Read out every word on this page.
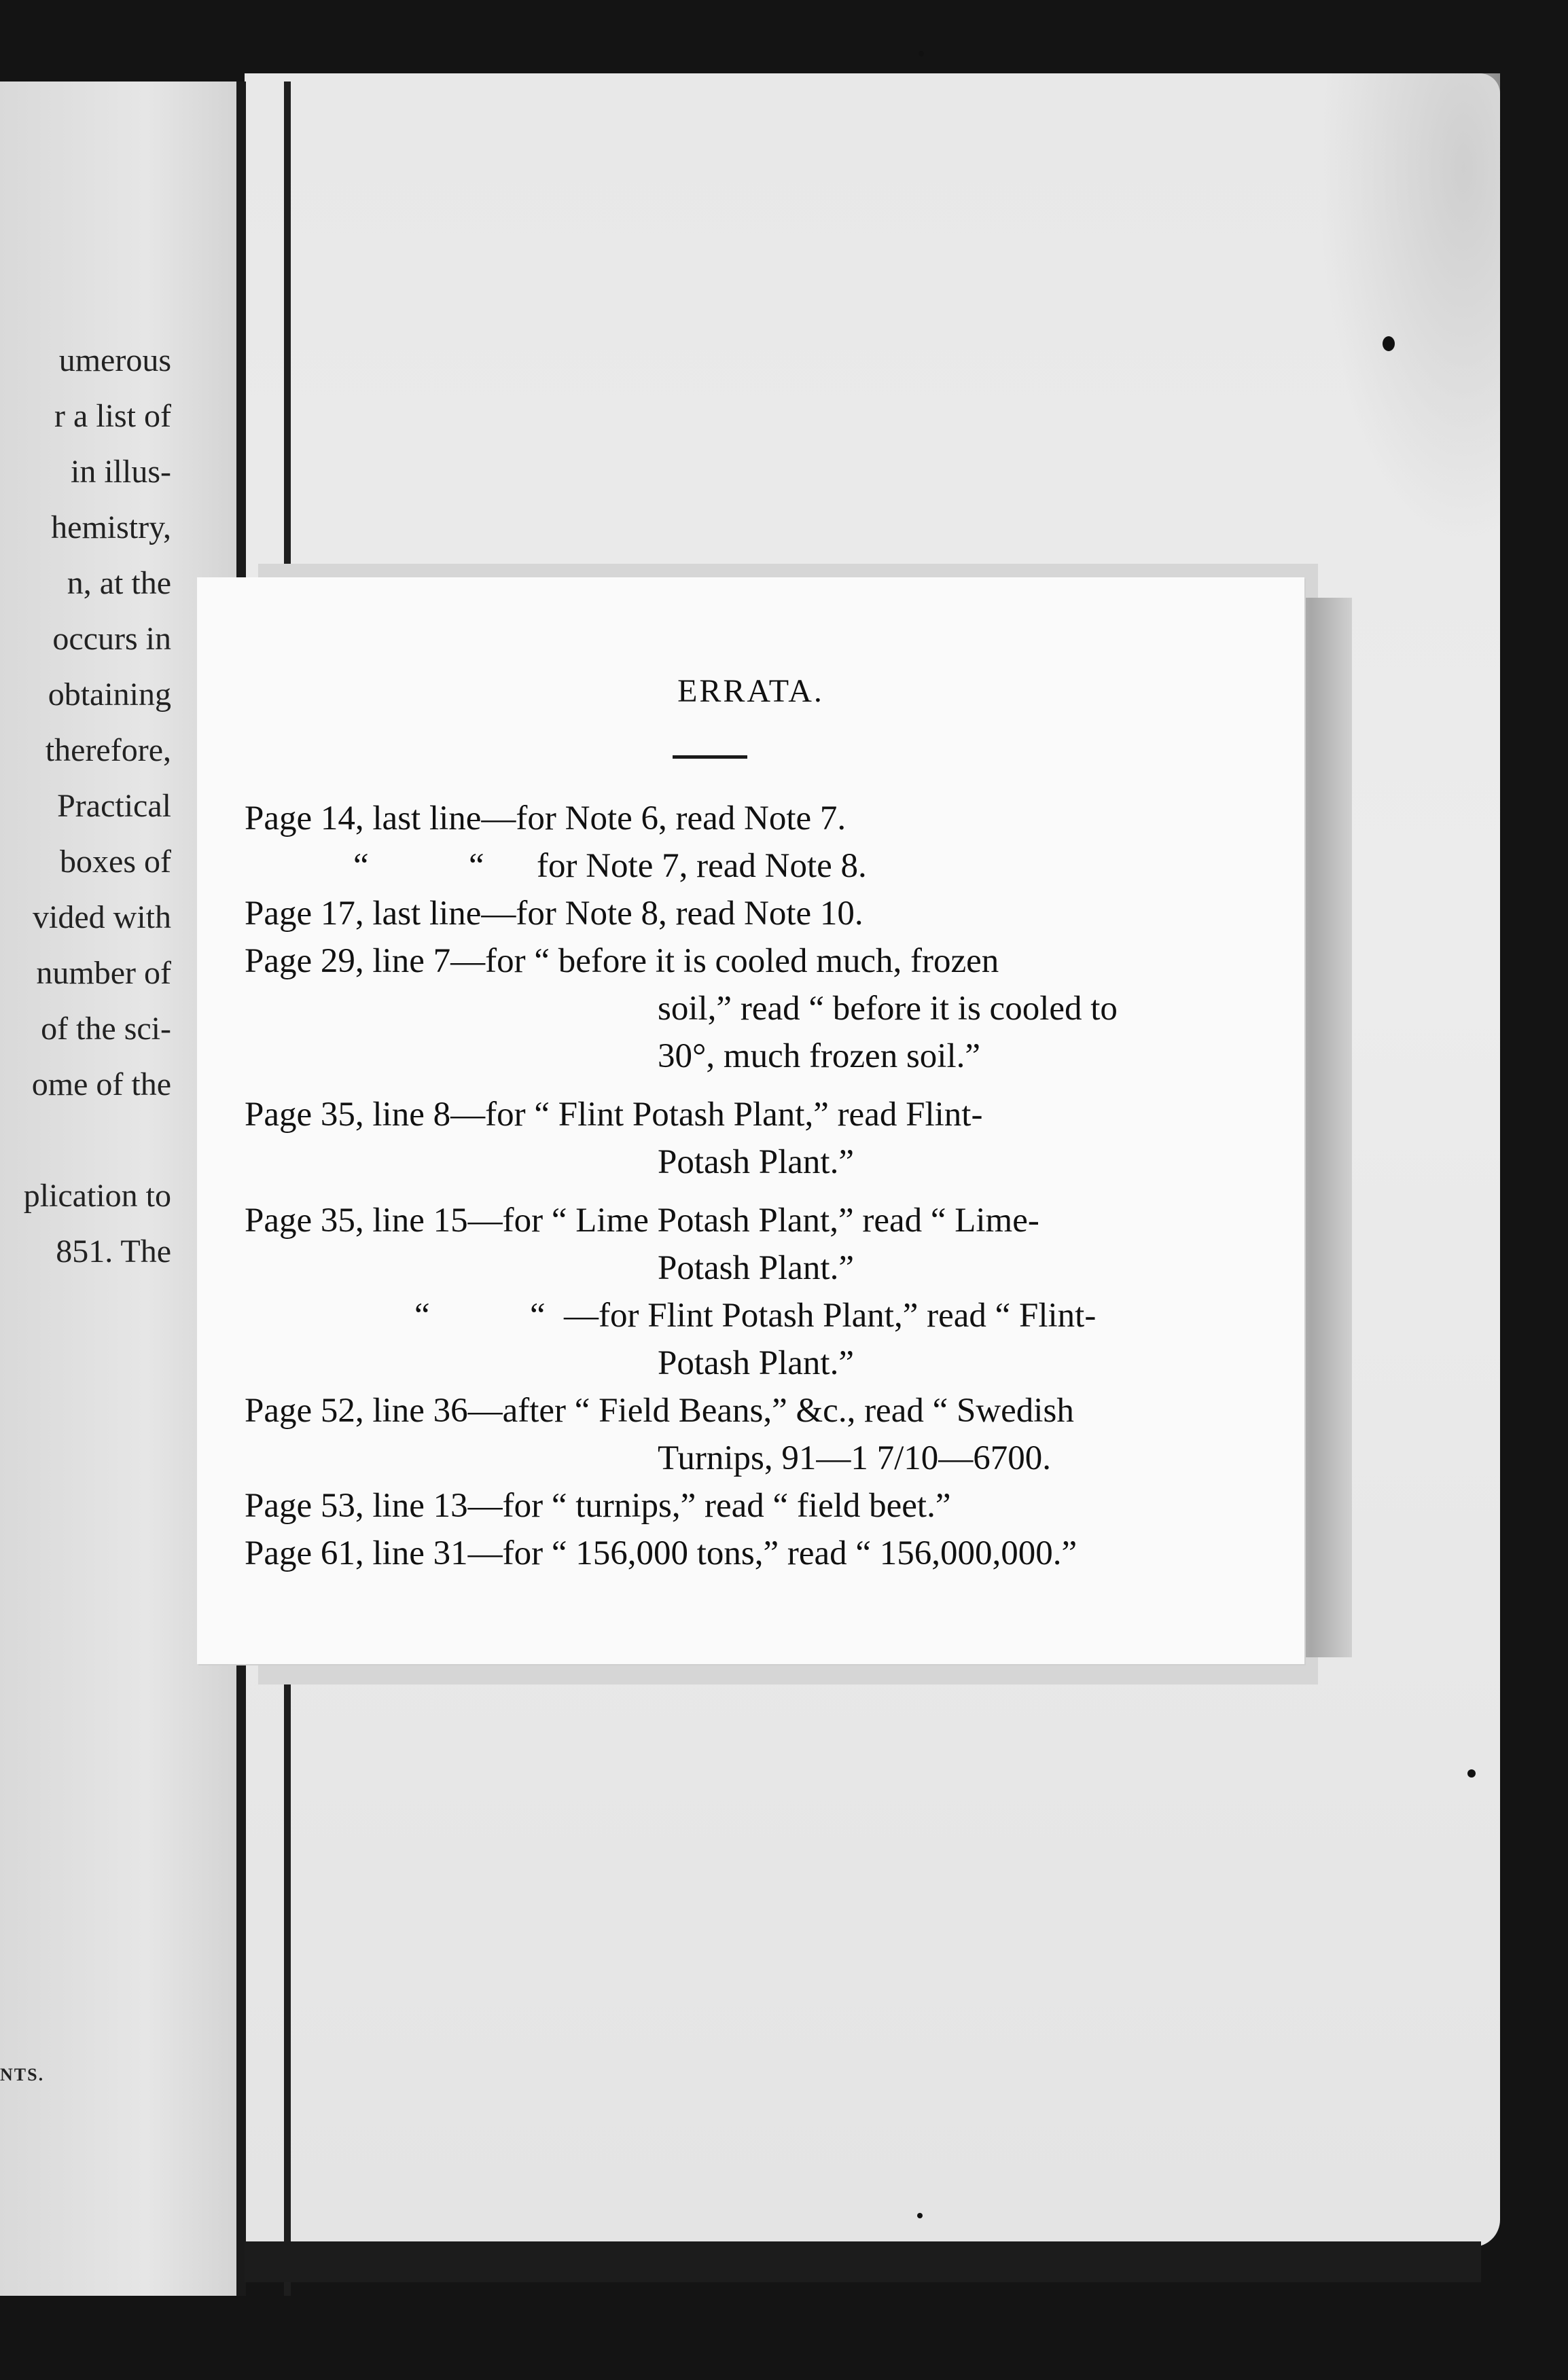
umerous
r a list of
in illus-
hemistry,
n, at the
occurs in
obtaining
therefore,
Practical
boxes of
vided with
number of
of the sci-
ome of the
plication to
851. The
NTS.
ERRATA.
Page 14, last line—for Note 6, read Note 7.
“	“ for Note 7, read Note 8.
Page 17, last line—for Note 8, read Note 10.
Page 29, line 7—for “ before it is cooled much, frozen
soil,” read “ before it is cooled to
30°, much frozen soil.”
Page 35, line 8—for “ Flint Potash Plant,” read Flint-
Potash Plant.”
Page 35, line 15—for “ Lime Potash Plant,” read “ Lime-
Potash Plant.”
“	“ —for Flint Potash Plant,” read “ Flint-
Potash Plant.”
Page 52, line 36—after “ Field Beans,” &c., read “ Swedish
Turnips, 91—1 7/10—6700.
Page 53, line 13—for “ turnips,” read “ field beet.”
Page 61, line 31—for “ 156,000 tons,” read “ 156,000,000.”
